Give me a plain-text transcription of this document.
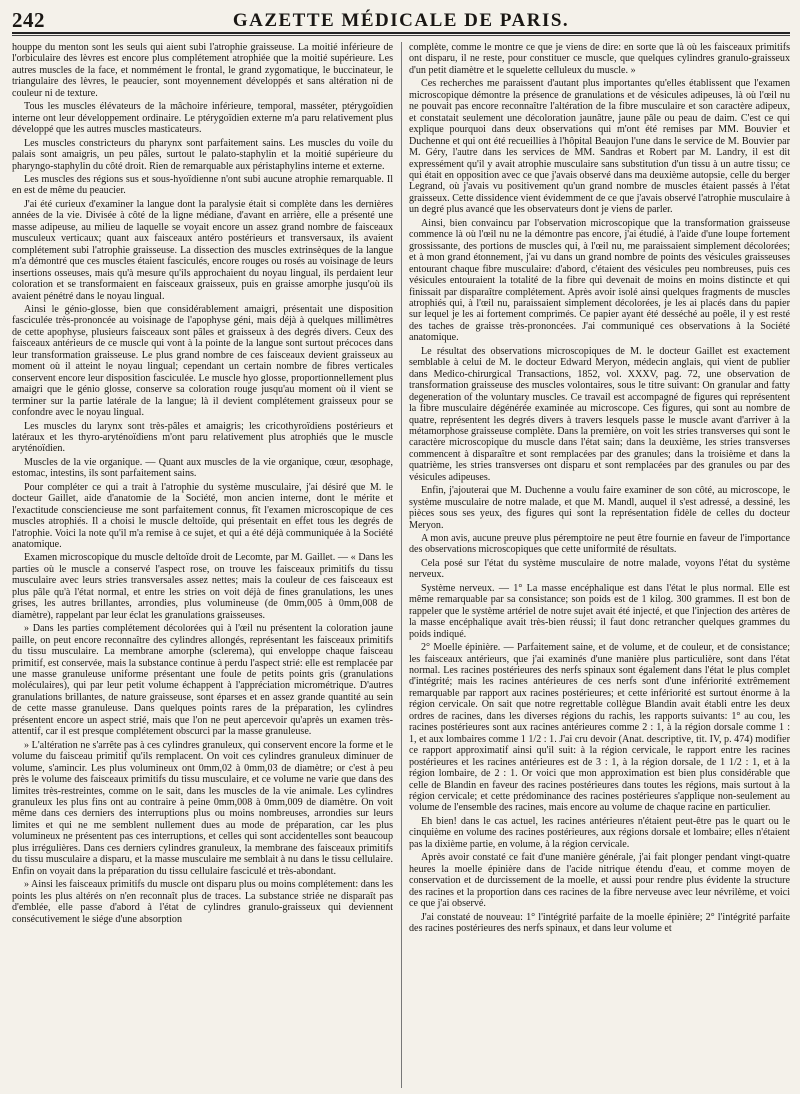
242	GAZETTE MÉDICALE DE PARIS.

houppe du menton sont les seuls qui aient subi l'atrophie graisseuse. La moitié inférieure de l'orbiculaire des lèvres est encore plus complétement atrophiée que la moitié supérieure. Les autres muscles de la face, et nommément le frontal, le grand zygomatique, le buccinateur, le triangulaire des lèvres, le peaucier, sont moyennement développés et sans altération ni de couleur ni de texture.

Tous les muscles élévateurs de la mâchoire inférieure, temporal, masséter, ptérygoïdien interne ont leur développement ordinaire. Le ptérygoïdien externe m'a paru relativement plus développé que les autres muscles masticateurs.

Les muscles constricteurs du pharynx sont parfaitement sains. Les muscles du voile du palais sont amaigris, un peu pâles, surtout le palato-staphylin et la moitié supérieure du pharyngo-staphylin du côté droit. Rien de remarquable aux péristaphylins interne et externe.

Les muscles des régions sus et sous-hyoïdienne n'ont subi aucune atrophie remarquable. Il en est de même du peaucier.

J'ai été curieux d'examiner la langue dont la paralysie était si complète dans les dernières années de la vie. Divisée à côté de la ligne médiane, d'avant en arrière, elle a présenté une masse adipeuse, au milieu de laquelle se voyait encore un assez grand nombre de faisceaux musculeux verticaux; quant aux faisceaux antéro postérieurs et transversaux, ils avaient complétement subi l'atrophie graisseuse. La dissection des muscles extrinsèques de la langue m'a démontré que ces muscles étaient fasciculés, encore rouges ou rosés au voisinage de leurs insertions osseuses, mais qu'à mesure qu'ils approchaient du noyau lingual, ils perdaient leur coloration et se transformaient en faisceaux graisseux, puis en graisse amorphe jusqu'où ils avaient pénétré dans le noyau lingual.

Ainsi le génio-glosse, bien que considérablement amaigri, présentait une disposition fasciculée très-prononcée au voisinage de l'apophyse géni, mais déjà à quelques millimètres de cette apophyse, plusieurs faisceaux sont pâles et graisseux à des degrés divers. Ceux des faisceaux antérieurs de ce muscle qui vont à la pointe de la langue sont surtout précoces dans leur transformation graisseuse. Le plus grand nombre de ces faisceaux devient graisseux au moment où il atteint le noyau lingual; cependant un certain nombre de fibres verticales conservent encore leur disposition fasciculée. Le muscle hyo glosse, proportionnellement plus amaigri que le génio glosse, conserve sa coloration rouge jusqu'au moment où il vient se terminer sur la partie latérale de la langue; là il devient complétement graisseux pour se confondre avec le noyau lingual.

Les muscles du larynx sont très-pâles et amaigris; les cricothyroïdiens postérieurs et latéraux et les thyro-aryténoïdiens m'ont paru relativement plus atrophiés que le muscle aryténoïdien.

Muscles de la vie organique. — Quant aux muscles de la vie organique, cœur, œsophage, estomac, intestins, ils sont parfaitement sains.

Pour compléter ce qui a trait à l'atrophie du système musculaire, j'ai désiré que M. le docteur Gaillet, aide d'anatomie de la Société, mon ancien interne, dont le mérite et l'exactitude consciencieuse me sont parfaitement connus, fît l'examen microscopique de ces muscles atrophiés. Il a choisi le muscle deltoïde, qui présentait en effet tous les degrés de l'atrophie. Voici la note qu'il m'a remise à ce sujet, et qui a été déjà communiquée à la Société anatomique.

Examen microscopique du muscle deltoïde droit de Lecomte, par M. Gaillet. — « Dans les parties où le muscle a conservé l'aspect rose, on trouve les faisceaux primitifs du tissu musculaire avec leurs stries transversales assez nettes; mais la couleur de ces faisceaux est plus pâle qu'à l'état normal, et entre les stries on voit déjà de fines granulations, les unes grises, les autres brillantes, arrondies, plus volumineuse (de 0mm,005 à 0mm,008 de diamètre), rappelant par leur éclat les granulations graisseuses.

» Dans les parties complétement décolorées qui à l'œil nu présentent la coloration jaune paille, on peut encore reconnaître des cylindres allongés, représentant les faisceaux primitifs du tissu musculaire. La membrane amorphe (sclerema), qui enveloppe chaque faisceau primitif, est conservée, mais la substance continue à perdu l'aspect strié: elle est remplacée par une masse granuleuse uniforme présentant une foule de petits points gris (granulations moléculaires), qui par leur petit volume échappent à l'appréciation micrométrique. D'autres granulations brillantes, de nature graisseuse, sont éparses et en assez grande quantité au sein de cette masse granuleuse. Dans quelques points rares de la préparation, les cylindres présentent encore un aspect strié, mais que l'on ne peut apercevoir qu'après un examen très-attentif, car il est presque complétement obscurci par la masse granuleuse.

» L'altération ne s'arrête pas à ces cylindres granuleux, qui conservent encore la forme et le volume du faisceau primitif qu'ils remplacent. On voit ces cylindres granuleux diminuer de volume, s'amincir. Les plus volumineux ont 0mm,02 à 0mm,03 de diamètre; or c'est à peu près le volume des faisceaux primitifs du tissu musculaire, et ce volume ne varie que dans des limites très-restreintes, comme on le sait, dans les muscles de la vie animale. Les cylindres granuleux les plus fins ont au contraire à peine 0mm,008 à 0mm,009 de diamètre. On voit même dans ces derniers des interruptions plus ou moins nombreuses, arrondies sur leurs limites et qui ne me semblent nullement dues au mode de préparation, car les plus volumineux ne présentent pas ces interruptions, et celles qui sont accidentelles sont beaucoup plus irrégulières. Dans ces derniers cylindres granuleux, la membrane des faisceaux primitifs du tissu musculaire a disparu, et la masse musculaire me semblait à nu dans le tissu cellulaire. Enfin on voyait dans la préparation du tissu cellulaire fasciculé et très-abondant.

» Ainsi les faisceaux primitifs du muscle ont disparu plus ou moins complétement: dans les points les plus altérés on n'en reconnaît plus de traces. La substance striée ne disparaît pas d'emblée, elle passe d'abord à l'état de cylindres granulo-graisseux qui deviennent consécutivement le siége d'une absorption

complète, comme le montre ce que je viens de dire: en sorte que là où les faisceaux primitifs ont disparu, il ne reste, pour constituer ce muscle, que quelques cylindres granulo-graisseux d'un petit diamètre et le squelette celluleux du muscle. »

Ces recherches me paraissent d'autant plus importantes qu'elles établissent que l'examen microscopique démontre la présence de granulations et de vésicules adipeuses, là où l'œil nu ne pouvait pas encore reconnaître l'altération de la fibre musculaire et son caractère adipeux, et constatait seulement une décoloration jaunâtre, jaune pâle ou peau de daim. C'est ce qui explique pourquoi dans deux observations qui m'ont été remises par MM. Bouvier et Duchenne et qui ont été recueillies à l'hôpital Beaujon l'une dans le service de M. Bouvier par M. Géry, l'autre dans les services de MM. Sandras et Robert par M. Landry, il est dit expressément qu'il y avait atrophie musculaire sans substitution d'un tissu à un autre tissu; ce qui était en opposition avec ce que j'avais observé dans ma deuxième autopsie, celle du berger Legrand, où j'avais vu positivement qu'un grand nombre de muscles étaient passés à l'état graisseux. Cette dissidence vient évidemment de ce que j'avais observé l'atrophie musculaire à un degré plus avancé que les observateurs dont je viens de parler.

Ainsi, bien convaincu par l'observation microscopique que la transformation graisseuse commence là où l'œil nu ne la démontre pas encore, j'ai étudié, à l'aide d'une loupe fortement grossissante, des portions de muscles qui, à l'œil nu, me paraissaient simplement décolorées; et à mon grand étonnement, j'ai vu dans un grand nombre de points des vésicules graisseuses entourant chaque fibre musculaire: d'abord, c'étaient des vésicules peu nombreuses, puis ces vésicules entouraient la totalité de la fibre qui devenait de moins en moins distincte et qui finissait par disparaître complétement. Après avoir isolé ainsi quelques fragments de muscles atrophiés qui, à l'œil nu, paraissaient simplement décolorées, je les ai placés dans du papier sur lequel je les ai fortement comprimés. Ce papier ayant été desséché au poêle, il y est resté des taches de graisse très-prononcées. J'ai communiqué ces observations à la Société anatomique.

Le résultat des observations microscopiques de M. le docteur Gaillet est exactement semblable à celui de M. le docteur Edward Meryon, médecin anglais, qui vient de publier dans Medico-chirurgical Transactions, 1852, vol. XXXV, pag. 72, une observation de transformation graisseuse des muscles volontaires, sous le titre suivant: On granular and fatty degeneration of the voluntary muscles. Ce travail est accompagné de figures qui représentent la fibre musculaire dégénérée examinée au microscope. Ces figures, qui sont au nombre de quatre, représentent les degrés divers à travers lesquels passe le muscle avant d'arriver à la métamorphose graisseuse complète. Dans la première, on voit les stries transverses qui sont le caractère microscopique du muscle dans l'état sain; dans la deuxième, les stries transverses commencent à disparaître et sont remplacées par des granules; dans la troisième et dans la quatrième, les stries transverses ont disparu et sont remplacées par des granules ou par des vésicules adipeuses.

Enfin, j'ajouterai que M. Duchenne a voulu faire examiner de son côté, au microscope, le système musculaire de notre malade, et que M. Mandl, auquel il s'est adressé, a dessiné, les pièces sous ses yeux, des figures qui sont la représentation fidèle de celles du docteur Meryon.

A mon avis, aucune preuve plus péremptoire ne peut être fournie en faveur de l'importance des observations microscopiques que cette uniformité de résultats.

Cela posé sur l'état du système musculaire de notre malade, voyons l'état du système nerveux.

Système nerveux. — 1° La masse encéphalique est dans l'état le plus normal. Elle est même remarquable par sa consistance; son poids est de 1 kilog. 300 grammes. Il est bon de rappeler que le système artériel de notre sujet avait été injecté, et que l'injection des artères de la masse encéphalique avait très-bien réussi; il faut donc retrancher quelques grammes du poids indiqué.

2° Moelle épinière. — Parfaitement saine, et de volume, et de couleur, et de consistance; les faisceaux antérieurs, que j'ai examinés d'une manière plus particulière, sont dans l'état normal. Les racines postérieures des nerfs spinaux sont également dans l'état le plus complet d'intégrité; mais les racines antérieures de ces nerfs sont d'une infériorité extrêmement remarquable par rapport aux racines postérieures; et cette infériorité est surtout énorme à la région cervicale. On sait que notre regrettable collègue Blandin avait établi entre les deux ordres de racines, dans les diverses régions du rachis, les rapports suivants: 1° au cou, les racines postérieures sont aux racines antérieures comme 2 : 1, à la région dorsale comme 1 : 1, et aux lombaires comme 1 1/2 : 1. J'ai cru devoir (Anat. descriptive, tit. IV, p. 474) modifier ce rapport approximatif ainsi qu'il suit: à la région cervicale, le rapport entre les racines postérieures et les racines antérieures est de 3 : 1, à la région dorsale, de 1 1/2 : 1, et à la région lombaire, de 2 : 1. Or voici que mon approximation est bien plus considérable que celle de Blandin en faveur des racines postérieures dans toutes les régions, mais surtout à la région cervicale; et cette prédominance des racines postérieures s'applique non-seulement au volume de l'ensemble des racines, mais encore au volume de chaque racine en particulier.

Eh bien! dans le cas actuel, les racines antérieures n'étaient peut-être pas le quart ou le cinquième en volume des racines postérieures, aux régions dorsale et lombaire; elles n'étaient pas la dixième partie, en volume, à la région cervicale.

Après avoir constaté ce fait d'une manière générale, j'ai fait plonger pendant vingt-quatre heures la moelle épinière dans de l'acide nitrique étendu d'eau, et comme moyen de conservation et de durcissement de la moelle, et aussi pour rendre plus évidente la structure des racines et la proportion dans ces racines de la fibre nerveuse avec leur névrilème, et voici ce que j'ai observé.

J'ai constaté de nouveau: 1° l'intégrité parfaite de la moelle épinière; 2° l'intégrité parfaite des racines postérieures des nerfs spinaux, et dans leur volume et
